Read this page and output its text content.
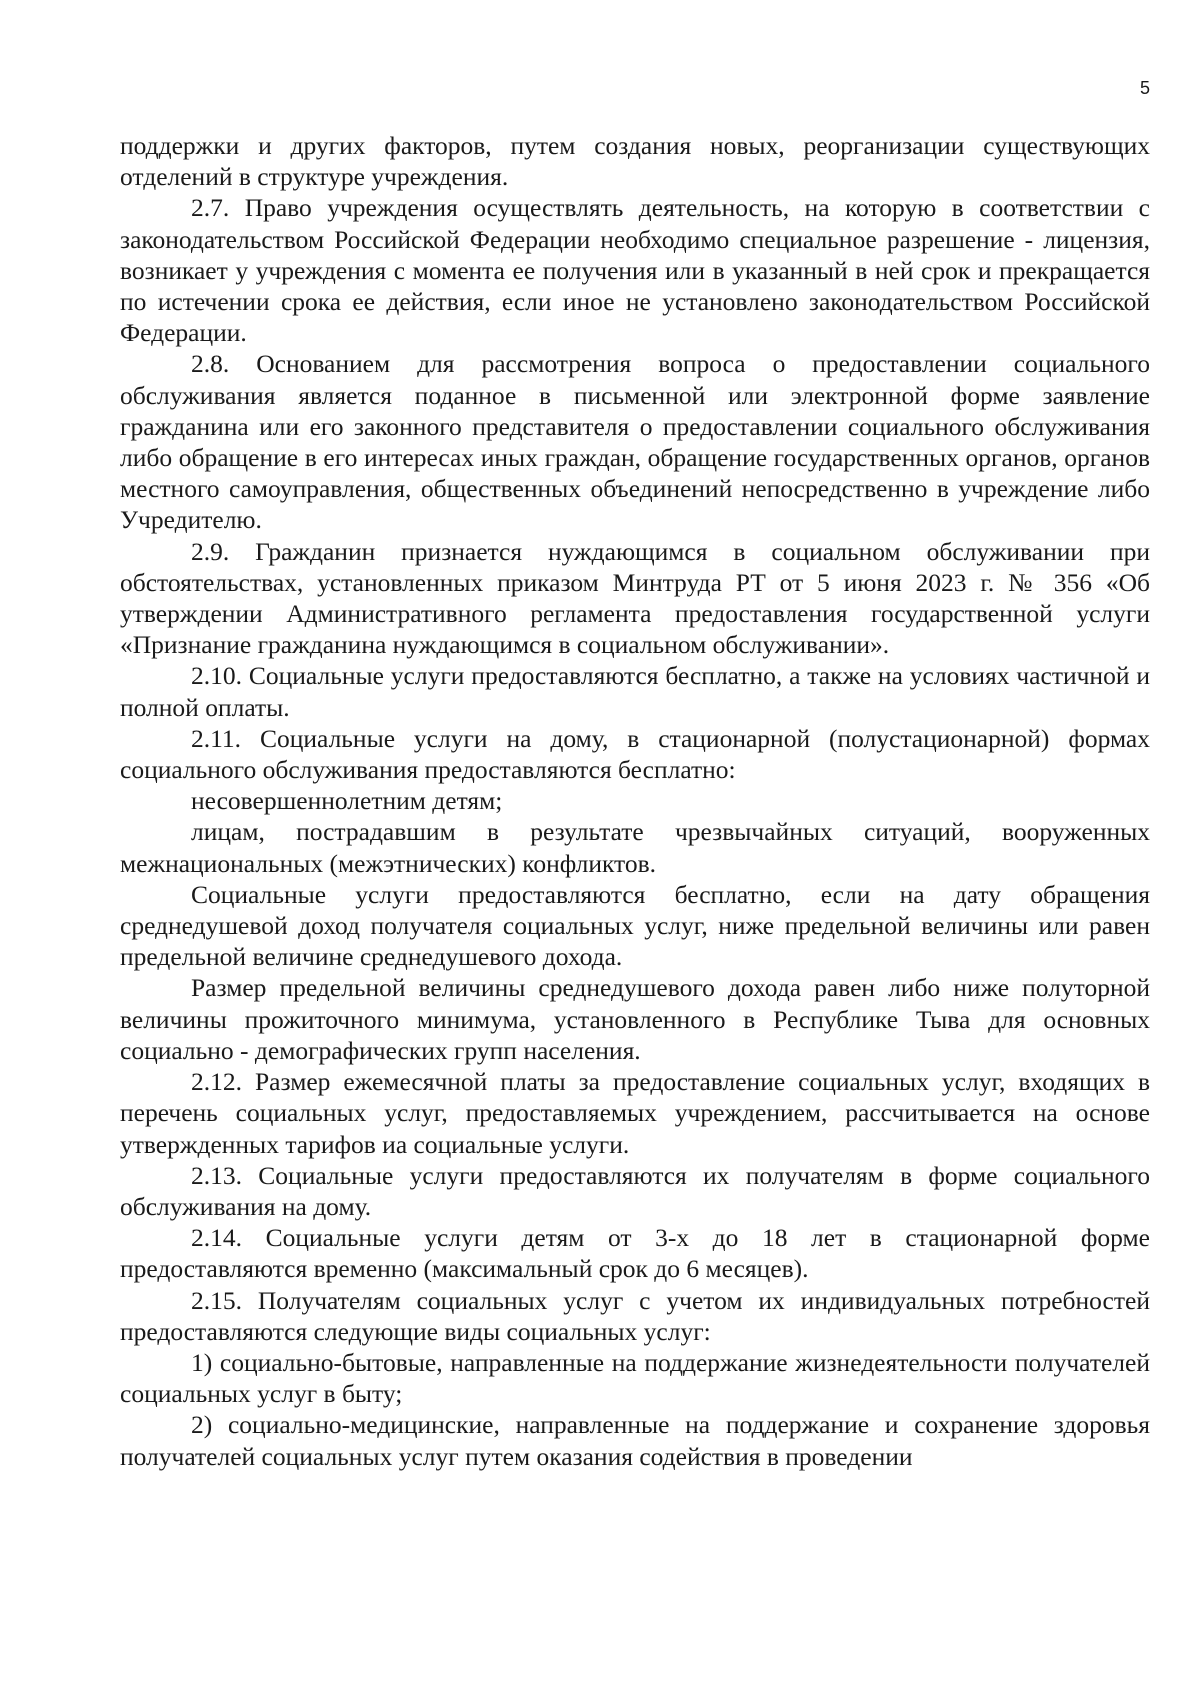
5

поддержки и других факторов, путем создания новых, реорганизации существующих отделений в структуре учреждения.

2.7. Право учреждения осуществлять деятельность, на которую в соответствии с законодательством Российской Федерации необходимо специальное разрешение - лицензия, возникает у учреждения с момента ее получения или в указанный в ней срок и прекращается по истечении срока ее действия, если иное не установлено законодательством Российской Федерации.

2.8. Основанием для рассмотрения вопроса о предоставлении социального обслуживания является поданное в письменной или электронной форме заявление гражданина или его законного представителя о предоставлении социального обслуживания либо обращение в его интересах иных граждан, обращение государственных органов, органов местного самоуправления, общественных объединений непосредственно в учреждение либо Учредителю.

2.9. Гражданин признается нуждающимся в социальном обслуживании при обстоятельствах, установленных приказом Минтруда РТ от 5 июня 2023 г. № 356 «Об утверждении Административного регламента предоставления государственной услуги «Признание гражданина нуждающимся в социальном обслуживании».

2.10. Социальные услуги предоставляются бесплатно, а также на условиях частичной и полной оплаты.

2.11. Социальные услуги на дому, в стационарной (полустационарной) формах социального обслуживания предоставляются бесплатно:

несовершеннолетним детям;

лицам, пострадавшим в результате чрезвычайных ситуаций, вооруженных межнациональных (межэтнических) конфликтов.

Социальные услуги предоставляются бесплатно, если на дату обращения среднедушевой доход получателя социальных услуг, ниже предельной величины или равен предельной величине среднедушевого дохода.

Размер предельной величины среднедушевого дохода равен либо ниже полуторной величины прожиточного минимума, установленного в Республике Тыва для основных социально - демографических групп населения.

2.12. Размер ежемесячной платы за предоставление социальных услуг, входящих в перечень социальных услуг, предоставляемых учреждением, рассчитывается на основе утвержденных тарифов иа социальные услуги.

2.13. Социальные услуги предоставляются их получателям в форме социального обслуживания на дому.

2.14. Социальные услуги детям от 3-х до 18 лет в стационарной форме предоставляются временно (максимальный срок до 6 месяцев).

2.15. Получателям социальных услуг с учетом их индивидуальных потребностей предоставляются следующие виды социальных услуг:

1) социально-бытовые, направленные на поддержание жизнедеятельности получателей социальных услуг в быту;

2) социально-медицинские, направленные на поддержание и сохранение здоровья получателей социальных услуг путем оказания содействия в проведении
